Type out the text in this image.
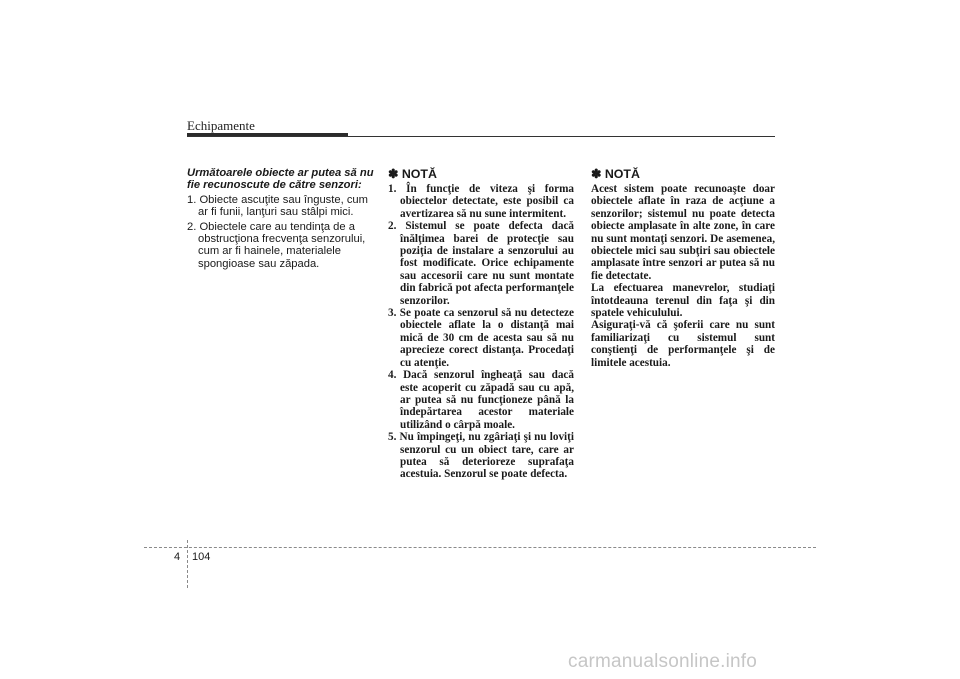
Echipamente

Următoarele obiecte ar putea să nu fie recunoscute de către senzori:

1. Obiecte ascuţite sau înguste, cum ar fi funii, lanţuri sau stâlpi mici.
2. Obiectele care au tendinţa de a obstrucţiona frecvenţa senzorului, cum ar fi hainele, materialele spongioase sau zăpada.
✽ NOTĂ
1. În funcţie de viteza şi forma obiectelor detectate, este posibil ca avertizarea să nu sune intermitent.
2. Sistemul se poate defecta dacă înălţimea barei de protecţie sau poziţia de instalare a senzorului au fost modificate. Orice echipamente sau accesorii care nu sunt montate din fabrică pot afecta performanţele senzorilor.
3. Se poate ca senzorul să nu detecteze obiectele aflate la o distanţă mai mică de 30 cm de acesta sau să nu aprecieze corect distanţa. Procedaţi cu atenţie.
4. Dacă senzorul îngheaţă sau dacă este acoperit cu zăpadă sau cu apă, ar putea să nu funcţioneze până la îndepărtarea acestor materiale utilizând o cârpă moale.
5. Nu împingeţi, nu zgâriaţi şi nu loviţi senzorul cu un obiect tare, care ar putea să deterioreze suprafaţa acestuia. Senzorul se poate defecta.
✽ NOTĂ

Acest sistem poate recunoaşte doar obiectele aflate în raza de acţiune a senzorilor; sistemul nu poate detecta obiecte amplasate în alte zone, în care nu sunt montaţi senzori. De asemenea, obiectele mici sau subţiri sau obiectele amplasate între senzori ar putea să nu fie detectate.

La efectuarea manevrelor, studiaţi întotdeauna terenul din faţa şi din spatele vehiculului.

Asiguraţi-vă că şoferii care nu sunt familiarizaţi cu sistemul sunt conştienţi de performanţele şi de limitele acestuia.

4 104
carmanualsonline.info
